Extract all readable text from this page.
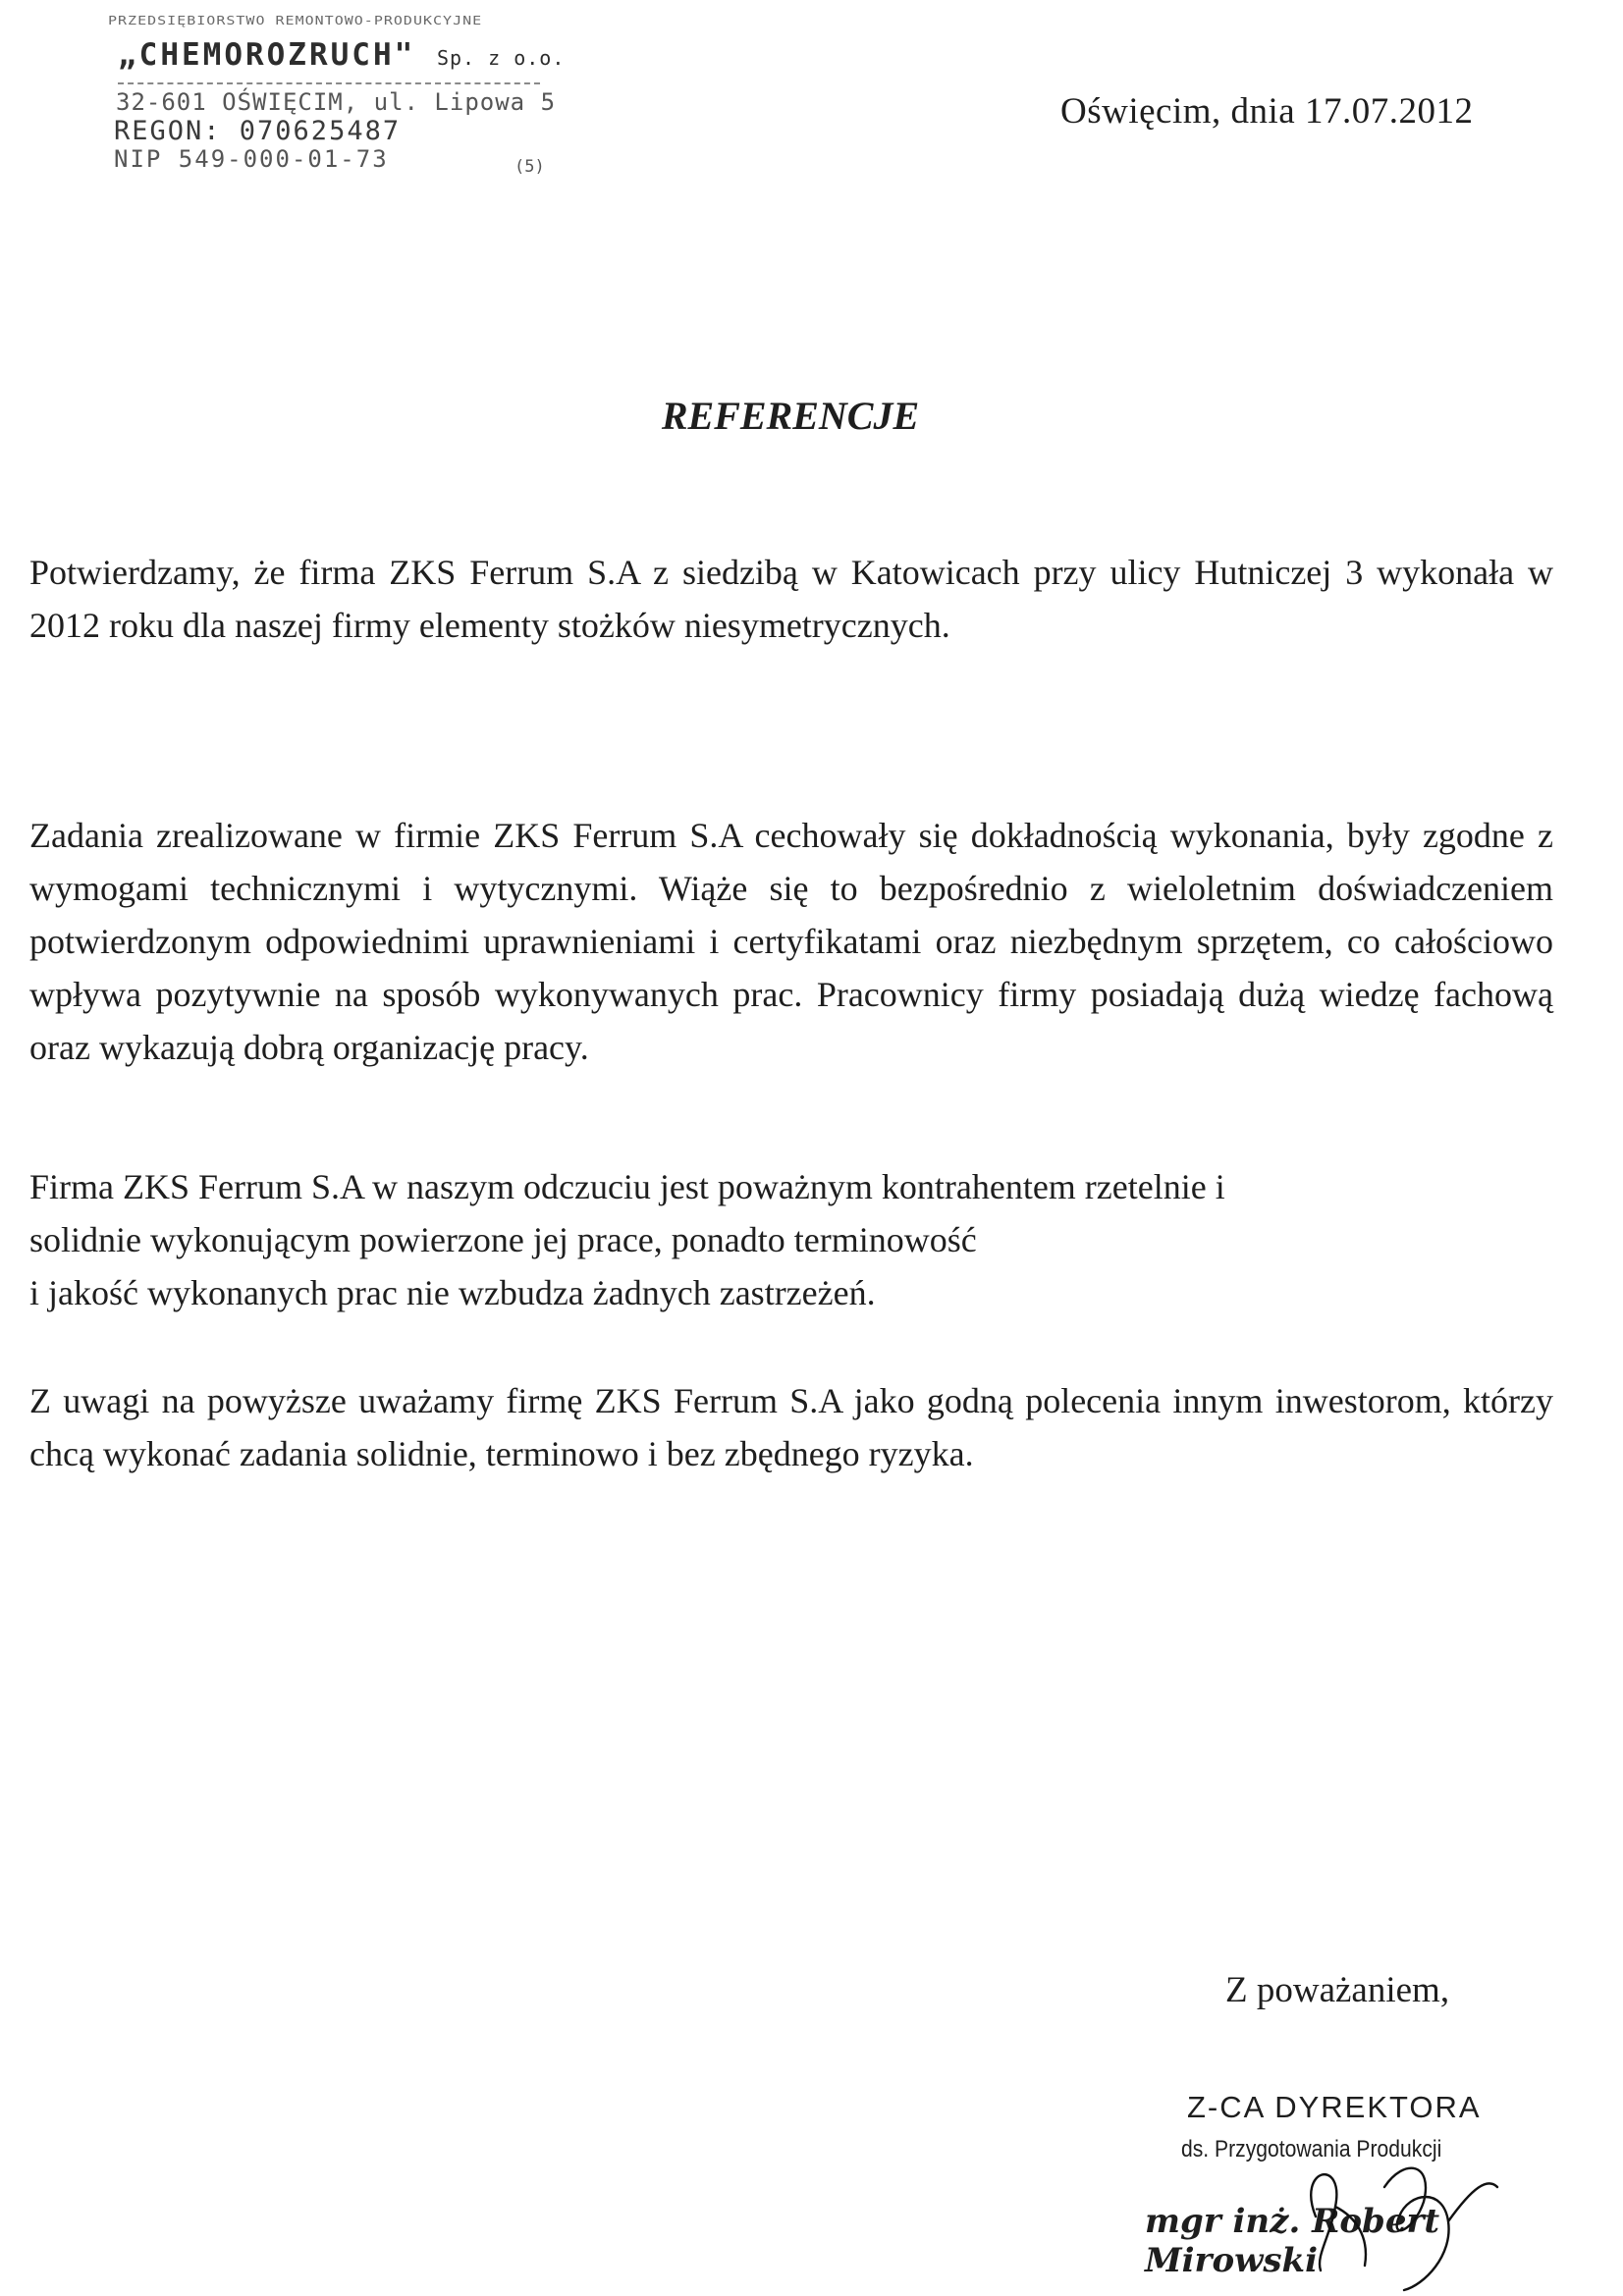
PRZEDSIĘBIORSTWO REMONTOWO-PRODUKCYJNE
„CHEMOROZRUCH" Sp. z o.o.
32-601 OŚWIĘCIM, ul. Lipowa 5
REGON: 070625487
NIP 549-000-01-73	(5)
Oświęcim, dnia 17.07.2012
REFERENCJE

Potwierdzamy, że firma ZKS Ferrum S.A z siedzibą w Katowicach przy ulicy Hutniczej 3 wykonała w 2012 roku dla naszej firmy elementy stożków niesymetrycznych.

Zadania zrealizowane w firmie ZKS Ferrum S.A cechowały się dokładnością wykonania, były zgodne z wymogami technicznymi i wytycznymi. Wiąże się to bezpośrednio z wieloletnim doświadczeniem potwierdzonym odpowiednimi uprawnieniami i certyfikatami oraz niezbędnym sprzętem, co całościowo wpływa pozytywnie na sposób wykonywanych prac. Pracownicy firmy posiadają dużą wiedzę fachową oraz wykazują dobrą organizację pracy.

Firma ZKS Ferrum S.A w naszym odczuciu jest poważnym kontrahentem rzetelnie i
solidnie wykonującym powierzone jej prace, ponadto terminowość
i jakość wykonanych prac nie wzbudza żadnych zastrzeżeń.

Z uwagi na powyższe uważamy firmę ZKS Ferrum S.A jako godną polecenia innym inwestorom, którzy chcą wykonać zadania solidnie, terminowo i bez zbędnego ryzyka.

Z poważaniem,
Z-CA DYREKTORA
ds. Przygotowania Produkcji
mgr inż. Robert Mirowski
